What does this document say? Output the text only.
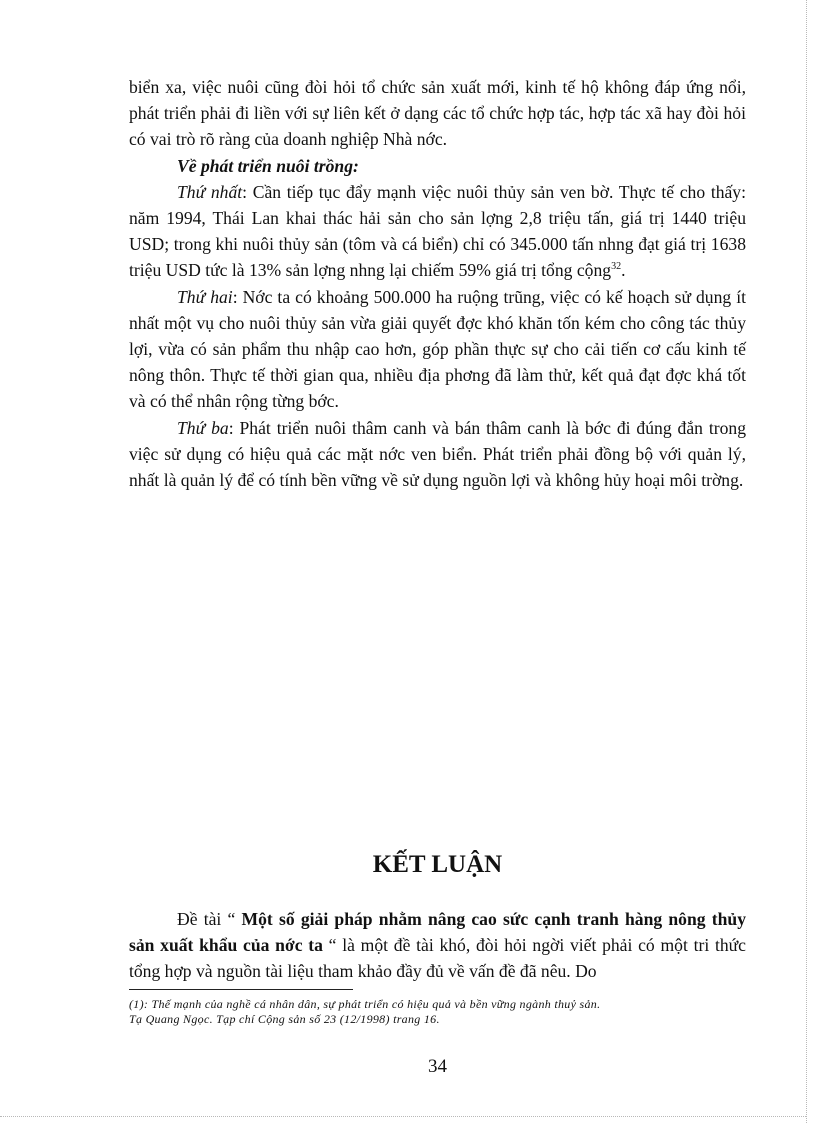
biển xa, việc nuôi cũng đòi hỏi tổ chức sản xuất mới, kinh tế hộ không đáp ứng nổi, phát triển phải đi liền với sự liên kết ở dạng các tổ chức hợp tác, hợp tác xã hay đòi hỏi có vai trò rõ ràng của doanh nghiệp Nhà nớc.

Về phát triển nuôi trồng:

Thứ nhất: Cần tiếp tục đẩy mạnh việc nuôi thủy sản ven bờ. Thực tế cho thấy: năm 1994, Thái Lan khai thác hải sản cho sản lợng 2,8 triệu tấn, giá trị 1440 triệu USD; trong khi nuôi thủy sản (tôm và cá biển) chỉ có 345.000 tấn nhng đạt giá trị 1638 triệu USD tức là 13% sản lợng nhng lại chiếm 59% giá trị tổng cộng$^{32}$.

Thứ hai: Nớc ta có khoảng 500.000 ha ruộng trũng, việc có kế hoạch sử dụng ít nhất một vụ cho nuôi thủy sản vừa giải quyết đợc khó khăn tốn kém cho công tác thủy lợi, vừa có sản phẩm thu nhập cao hơn, góp phần thực sự cho cải tiến cơ cấu kinh tế nông thôn. Thực tế thời gian qua, nhiều địa phơng đã làm thử, kết quả đạt đợc khá tốt và có thể nhân rộng từng bớc.

Thứ ba: Phát triển nuôi thâm canh và bán thâm canh là bớc đi đúng đắn trong việc sử dụng có hiệu quả các mặt nớc ven biển. Phát triển phải đồng bộ với quản lý, nhất là quản lý để có tính bền vững về sử dụng nguồn lợi và không hủy hoại môi trờng.

KẾT LUẬN

Đề tài “ Một số giải pháp nhằm nâng cao sức cạnh tranh hàng nông thủy sản xuất khẩu của nớc ta “ là một đề tài khó, đòi hỏi ngời viết phải có một tri thức tổng hợp và nguồn tài liệu tham khảo đầy đủ về vấn đề đã nêu. Do

(1): Thế mạnh của nghề cá nhân dân, sự phát triển có hiệu quả và bền vững ngành thuỷ sản.
Tạ Quang Ngọc. Tạp chí Cộng sản số 23 (12/1998) trang 16.

34
